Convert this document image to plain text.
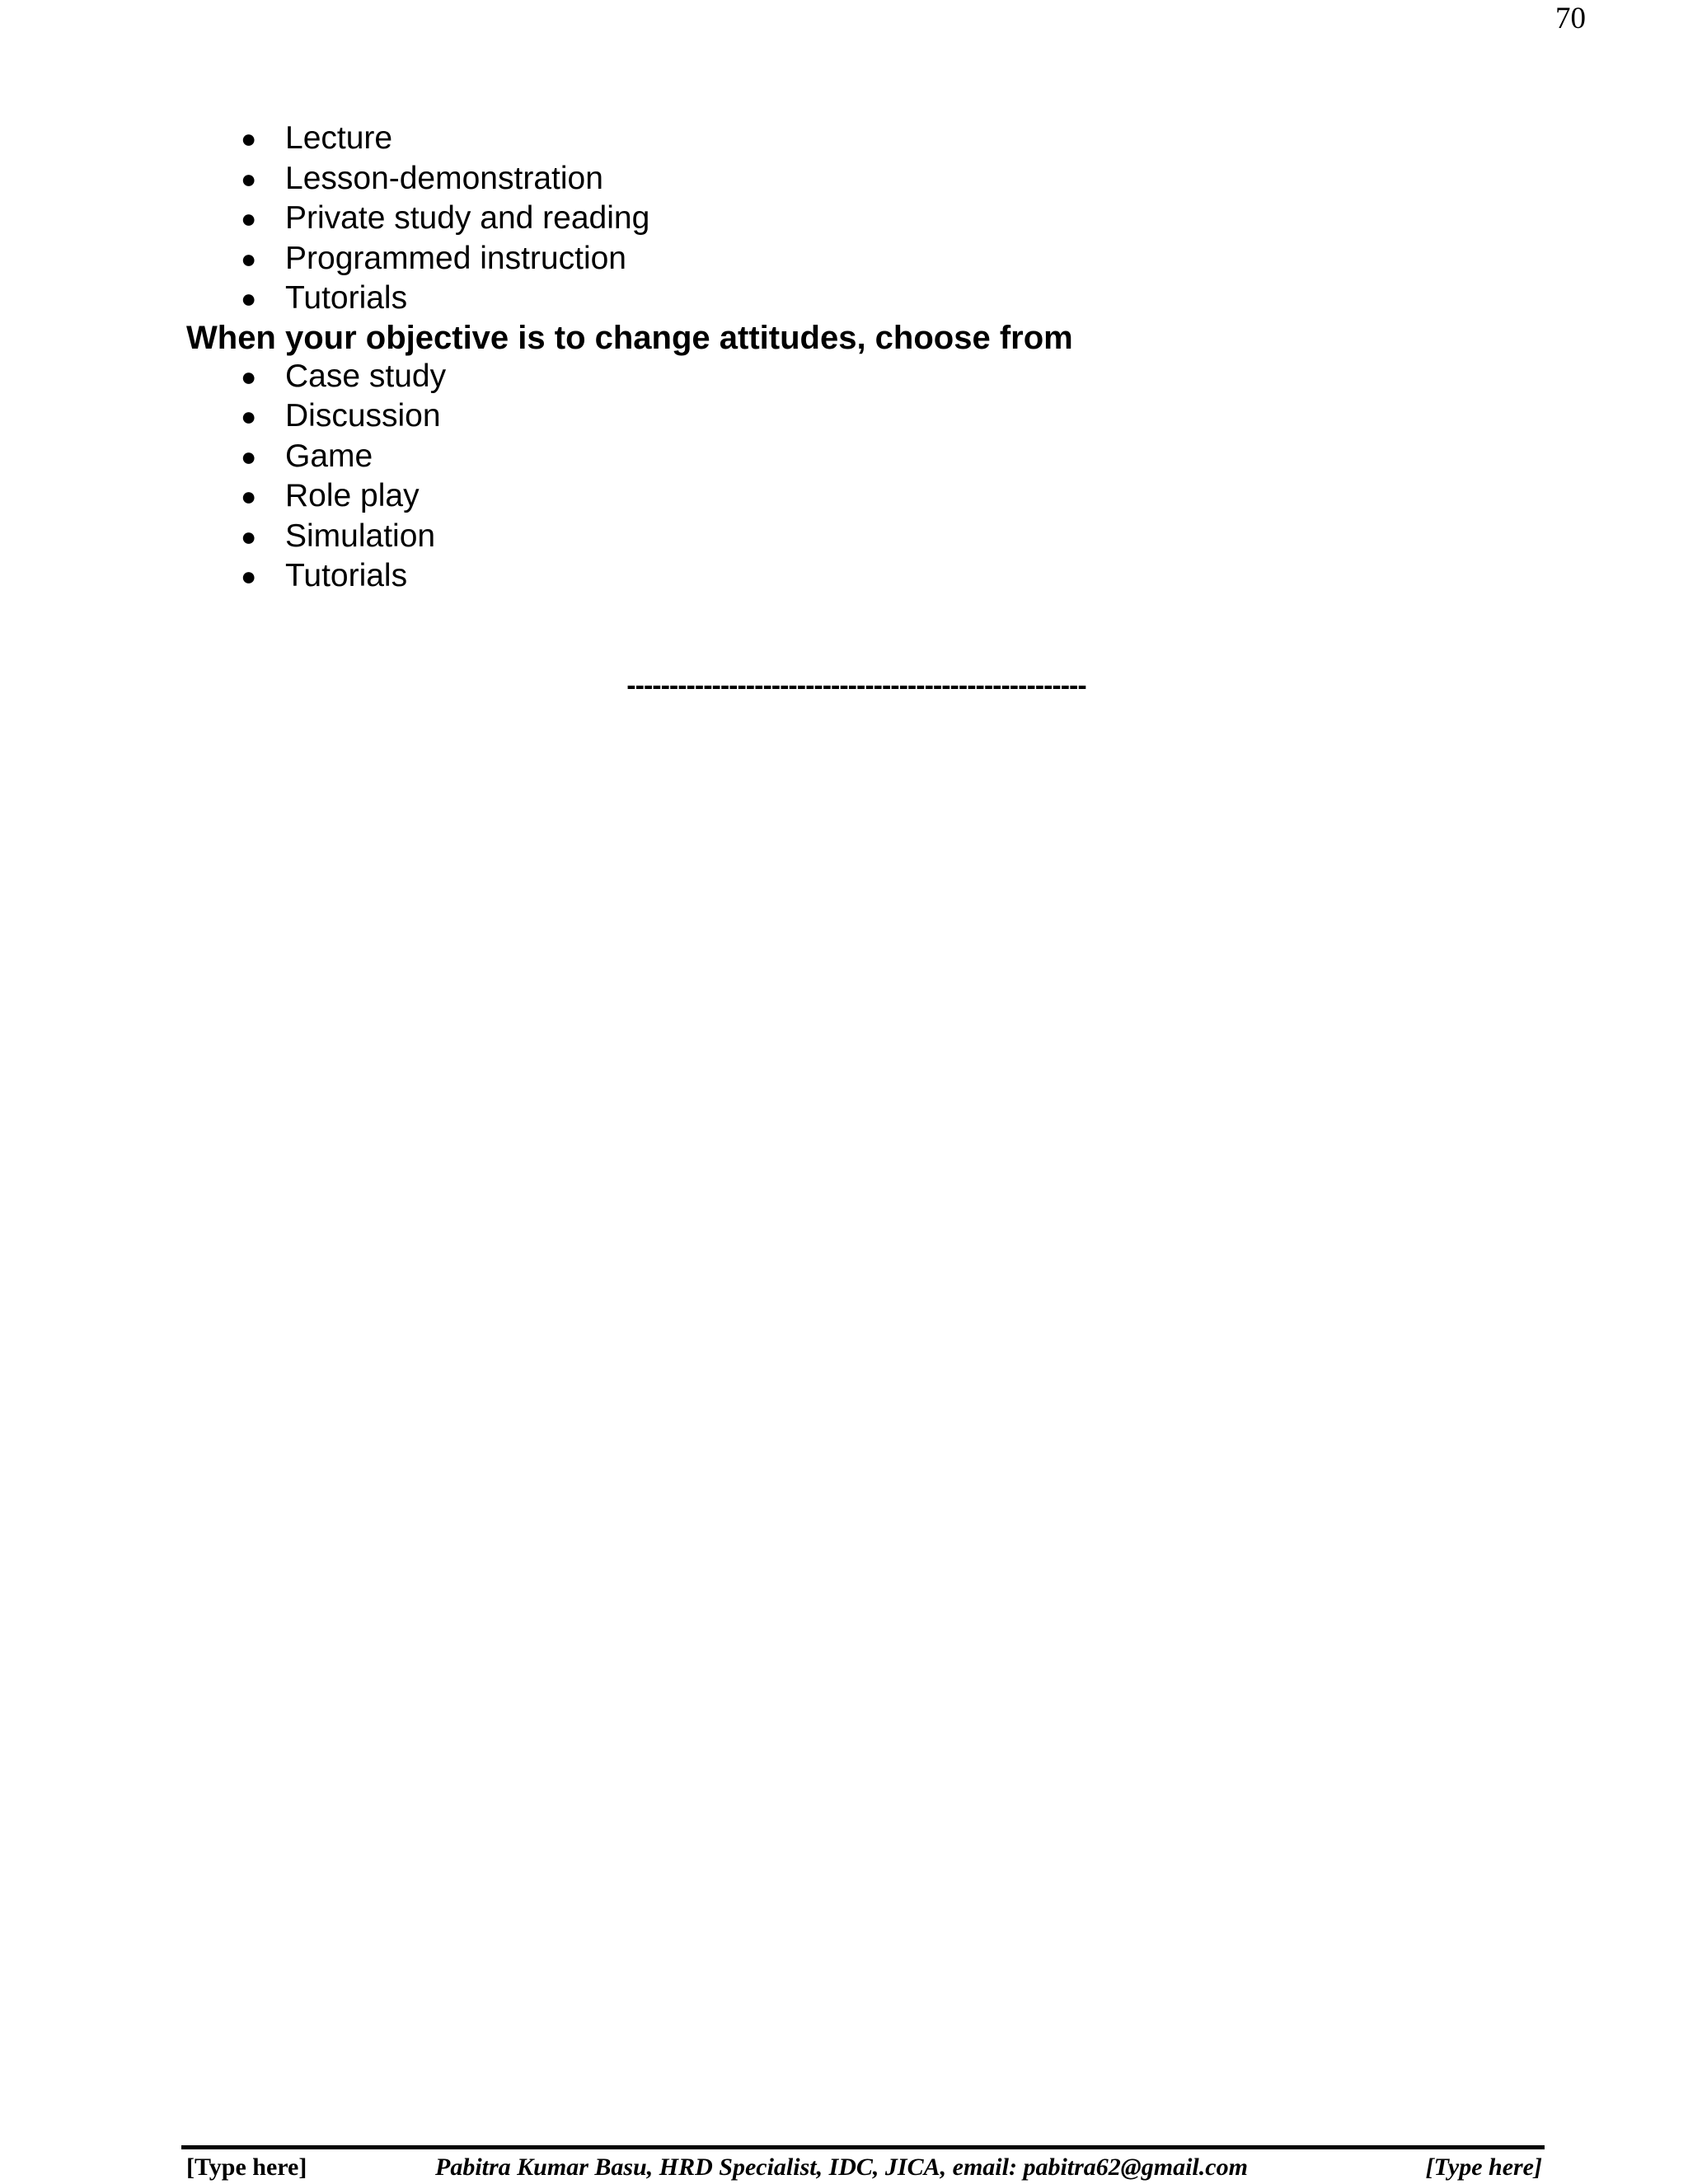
70
● Lecture
● Lesson-demonstration
● Private study and reading
● Programmed instruction
● Tutorials

When your objective is to change attitudes, choose from

● Case study
● Discussion
● Game
● Role play
● Simulation
● Tutorials
------------------------------------------------------
[Type here]	Pabitra Kumar Basu, HRD Specialist, IDC, JICA, email: pabitra62@gmail.com	[Type here]
